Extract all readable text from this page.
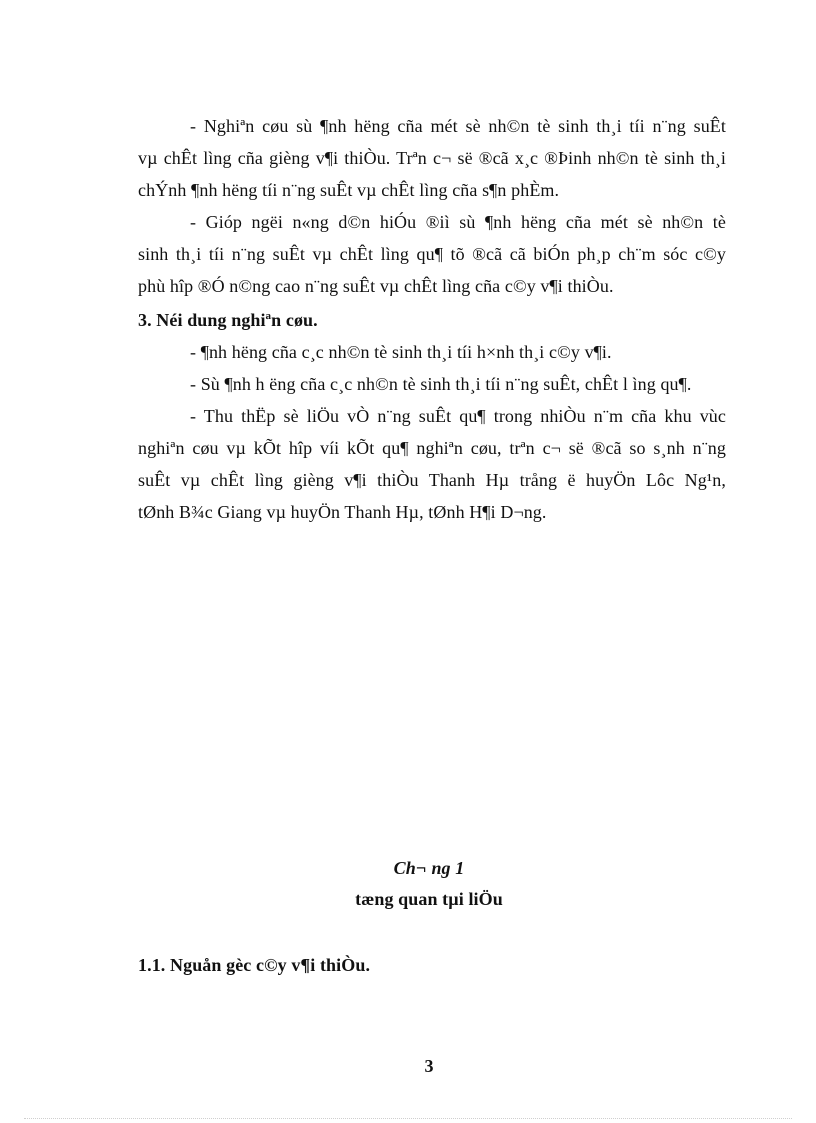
- Nghiªn cøu sù ¶nh hëng cña mét sè nh©n tè sinh th¸i tíi n¨ng suÊt
vµ chÊt lìng cña gièng v¶i thiÒu. Trªn c¬ së ®cã x¸c ®Þinh nh©n tè sinh th¸i
chÝnh ¶nh hëng tíi n¨ng suÊt vµ chÊt lìng cña s¶n phÈm.
- Gióp ngëi n«ng d©n hiÓu ®iì sù ¶nh hëng cña mét sè nh©n tè
sinh th¸i tíi n¨ng suÊt vµ chÊt lìng qu¶ tõ ®cã cã biÓn ph¸p ch¨m sóc c©y
phù hîp ®Ó n©ng cao n¨ng suÊt vµ chÊt lìng cña c©y v¶i thiÒu.
3. Néi dung nghiªn cøu.
- ¶nh hëng cña c¸c nh©n tè sinh th¸i tíi h×nh th¸i c©y v¶i.
- Sù ¶nh h ëng cña c¸c nh©n tè sinh th¸i tíi n¨ng suÊt, chÊt l ìng qu¶.
- Thu thËp sè liÖu vÒ n¨ng suÊt qu¶ trong nhiÒu n¨m cña khu vùc
nghiªn cøu vµ kÕt hîp víi kÕt qu¶ nghiªn cøu, trªn c¬ së ®cã so s¸nh n¨ng
suÊt vµ chÊt lìng gièng v¶i thiÒu Thanh Hµ trång ë huyÖn Lôc Ng¹n,
tØnh B¾c Giang vµ huyÖn Thanh Hµ, tØnh H¶i D¬ng.
Ch¬ ng 1
tæng quan tµi liÖu
1.1. Nguån gèc c©y v¶i thiÒu.
3
